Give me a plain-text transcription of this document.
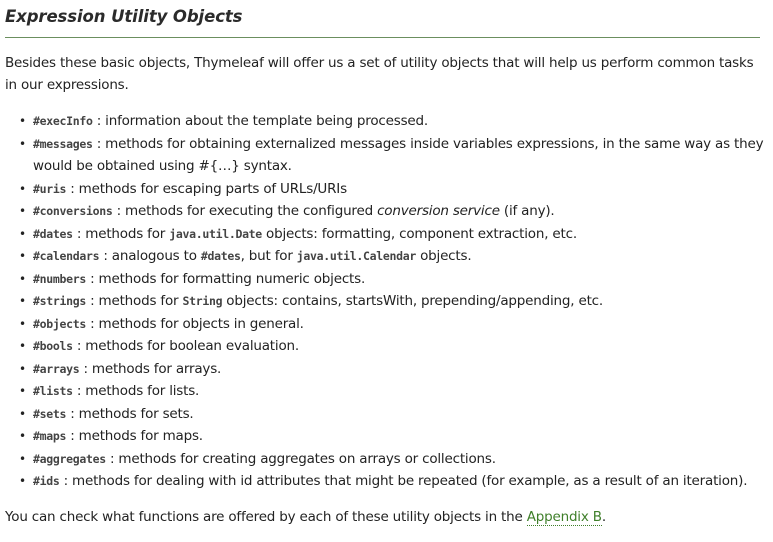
Expression Utility Objects

Besides these basic objects, Thymeleaf will offer us a set of utility objects that will help us perform common tasks in our expressions.

• #execInfo : information about the template being processed.
• #messages : methods for obtaining externalized messages inside variables expressions, in the same way as they would be obtained using #{…} syntax.
• #uris : methods for escaping parts of URLs/URIs
• #conversions : methods for executing the configured conversion service (if any).
• #dates : methods for java.util.Date objects: formatting, component extraction, etc.
• #calendars : analogous to #dates, but for java.util.Calendar objects.
• #numbers : methods for formatting numeric objects.
• #strings : methods for String objects: contains, startsWith, prepending/appending, etc.
• #objects : methods for objects in general.
• #bools : methods for boolean evaluation.
• #arrays : methods for arrays.
• #lists : methods for lists.
• #sets : methods for sets.
• #maps : methods for maps.
• #aggregates : methods for creating aggregates on arrays or collections.
• #ids : methods for dealing with id attributes that might be repeated (for example, as a result of an iteration).

You can check what functions are offered by each of these utility objects in the Appendix B.
